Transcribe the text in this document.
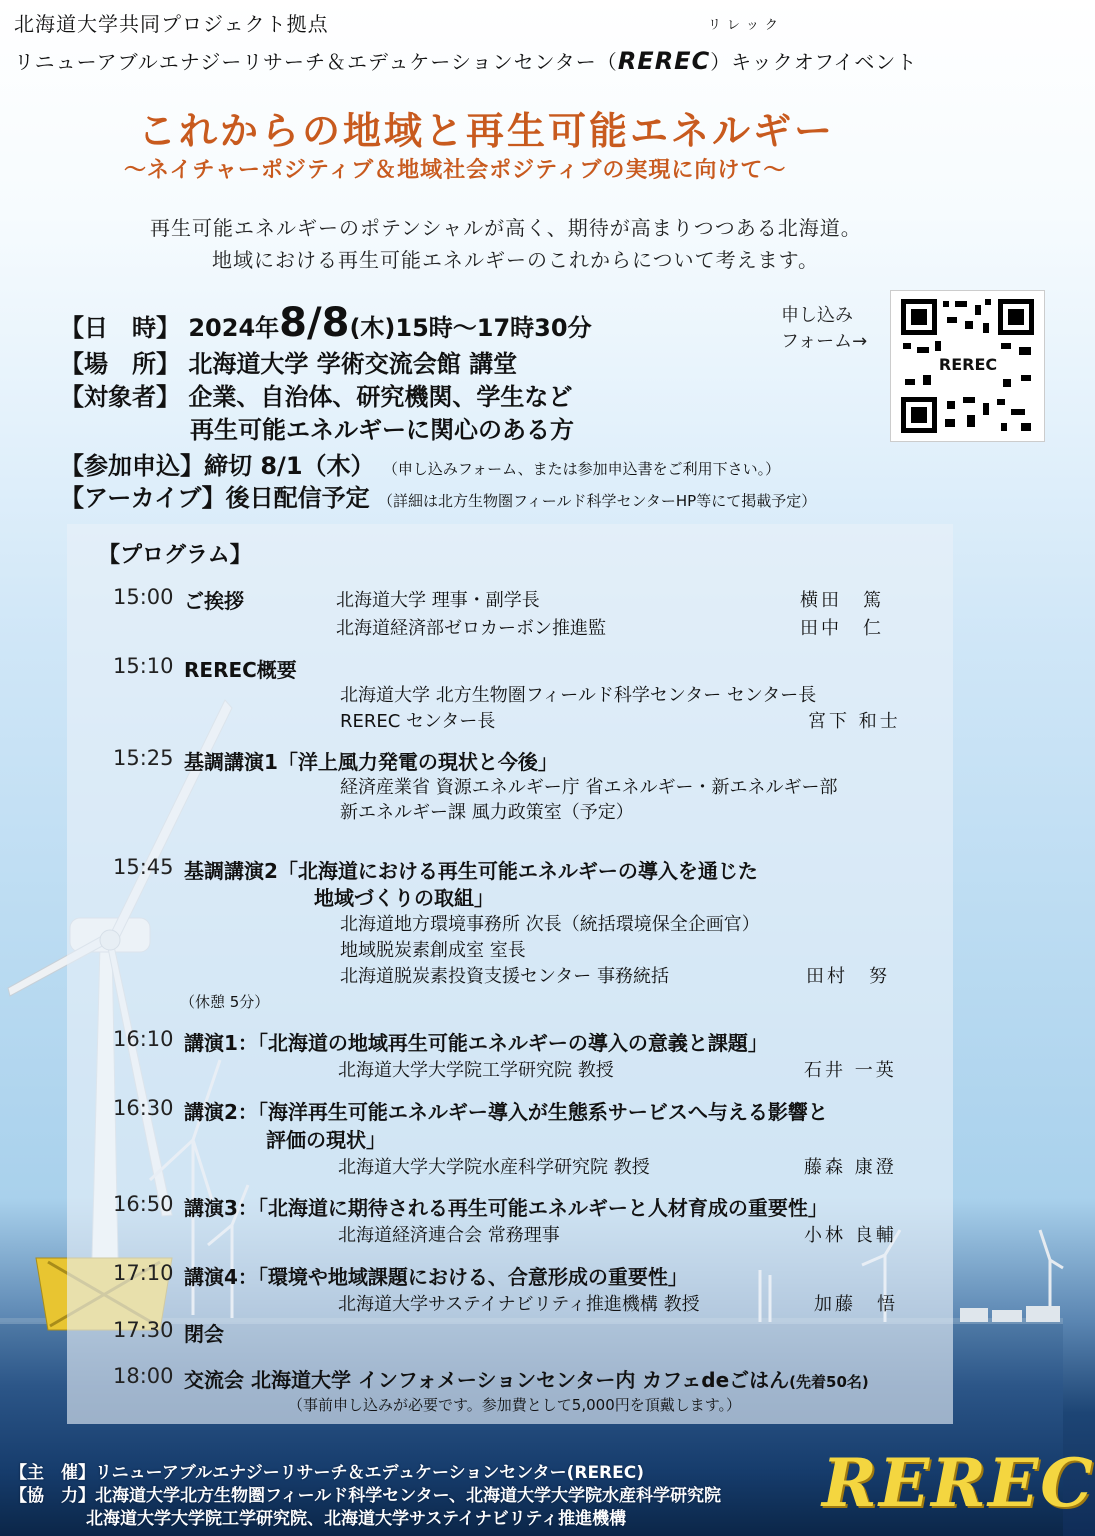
リレック
北海道大学共同プロジェクト拠点
リニューアブルエナジーリサーチ＆エデュケーションセンター（REREC）キックオフイベント
これからの地域と再生可能エネルギー
～ネイチャーポジティブ＆地域社会ポジティブの実現に向けて～
再生可能エネルギーのポテンシャルが高く、期待が高まりつつある北海道。
地域における再生可能エネルギーのこれからについて考えます。
【日　時】 2024年8/8(木)15時～17時30分
【場　所】 北海道大学 学術交流会館 講堂
【対象者】 企業、自治体、研究機関、学生など
再生可能エネルギーに関心のある方
【参加申込】締切 8/1（木） （申し込みフォーム、または参加申込書をご利用下さい。）
【アーカイブ】後日配信予定 （詳細は北方生物圏フィールド科学センターHP等にて掲載予定）
申し込み
フォーム→
REREC
【プログラム】
15:00 ご挨拶	北海道大学 理事・副学長	横田　篤
北海道経済部ゼロカーボン推進監	田中　仁
15:10 REREC概要
北海道大学 北方生物圏フィールド科学センター センター長
REREC センター長	宮下 和士
15:25 基調講演1「洋上風力発電の現状と今後」
経済産業省 資源エネルギー庁 省エネルギー・新エネルギー部
新エネルギー課 風力政策室（予定）
15:45 基調講演2「北海道における再生可能エネルギーの導入を通じた
地域づくりの取組」
北海道地方環境事務所 次長（統括環境保全企画官）
地域脱炭素創成室 室長
北海道脱炭素投資支援センター 事務統括	田村　努
（休憩 5分）
16:10 講演1：「北海道の地域再生可能エネルギーの導入の意義と課題」
北海道大学大学院工学研究院 教授	石井 一英
16:30 講演2：「海洋再生可能エネルギー導入が生態系サービスへ与える影響と
評価の現状」
北海道大学大学院水産科学研究院 教授	藤森 康澄
16:50 講演3：「北海道に期待される再生可能エネルギーと人材育成の重要性」
北海道経済連合会 常務理事	小林 良輔
17:10 講演4：「環境や地域課題における、合意形成の重要性」
北海道大学サステイナビリティ推進機構 教授	加藤　悟
17:30 閉会
18:00 交流会 北海道大学 インフォメーションセンター内 カフェdeごはん(先着50名)
（事前申し込みが必要です。参加費として5,000円を頂戴します。）
【主　催】リニューアブルエナジーリサーチ＆エデュケーションセンター(REREC)
【協　力】北海道大学北方生物圏フィールド科学センター、北海道大学大学院水産科学研究院
北海道大学大学院工学研究院、北海道大学サステイナビリティ推進機構	REREC
